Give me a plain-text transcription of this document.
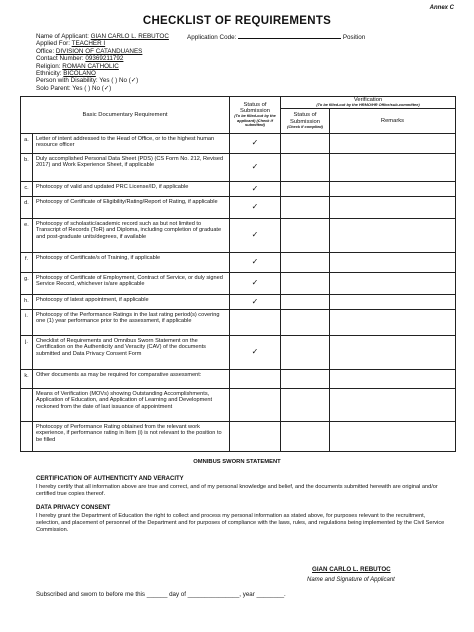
Annex C
CHECKLIST OF REQUIREMENTS
Name of Applicant: GIAN CARLO L. REBUTOC
Applied For: TEACHER I
Office: DIVISION OF CATANDUANES
Contact Number: 09369211792
Religion: ROMAN CATHOLIC
Ethnicity: BICOLANO
Person with Disability: Yes ( ) No (✓)
Solo Parent: Yes ( ) No (✓)
Application Code:	Position
Basic Documentary Requirement		Status of
Submission
(To be filled-out by the applicant) (Check if submitted)	Verification
(To be filled-out by the HRMO/HR Office/sub-committee)	

			Status of
Submission
(Check if complied)	Remarks
a.	Letter of intent addressed to the Head of Office, or to the highest human resource officer	✓		
b.	Duly accomplished Personal Data Sheet (PDS) (CS Form No. 212, Revised 2017) and Work Experience Sheet, if applicable	✓		
c.	Photocopy of valid and updated PRC License/ID, if applicable	✓		
d.	Photocopy of Certificate of Eligibility/Rating/Report of Rating, if applicable	✓		
e.	Photocopy of scholastic/academic record such as but not limited to Transcript of Records (ToR) and Diploma, including completion of graduate and post-graduate units/degrees, if available	✓		
f.	Photocopy of Certificate/s of Training, if applicable	✓		
g.	Photocopy of Certificate of Employment, Contract of Service, or duly signed Service Record, whichever is/are applicable	✓		
h.	Photocopy of latest appointment, if applicable	✓		
i.	Photocopy of the Performance Ratings in the last rating period(s) covering one (1) year performance prior to the assessment, if applicable			
j.	Checklist of Requirements and Omnibus Sworn Statement on the Certification on the Authenticity and Veracity (CAV) of the documents submitted and Data Privacy Consent Form	✓		
k.	Other documents as may be required for comparative assessment:			
	Means of Verification (MOVs) showing Outstanding Accomplishments, Application of Education, and Application of Learning and Development reckoned from the date of last issuance of appointment			
	Photocopy of Performance Rating obtained from the relevant work experience, if performance rating in Item (i) is not relevant to the position to be filled			
OMNIBUS SWORN STATEMENT
CERTIFICATION OF AUTHENTICITY AND VERACITY
I hereby certify that all information above are true and correct, and of my personal knowledge and belief, and the documents submitted herewith are original and/or certified true copies thereof.
DATA PRIVACY CONSENT
I hereby grant the Department of Education the right to collect and process my personal information as stated above, for purposes relevant to the recruitment, selection, and placement of personnel of the Department and for purposes of compliance with the laws, rules, and regulations being implemented by the Civil Service Commission.
GIAN CARLO L. REBUTOC
Name and Signature of Applicant
Subscribed and sworn to before me this ______ day of _______________, year ________.
